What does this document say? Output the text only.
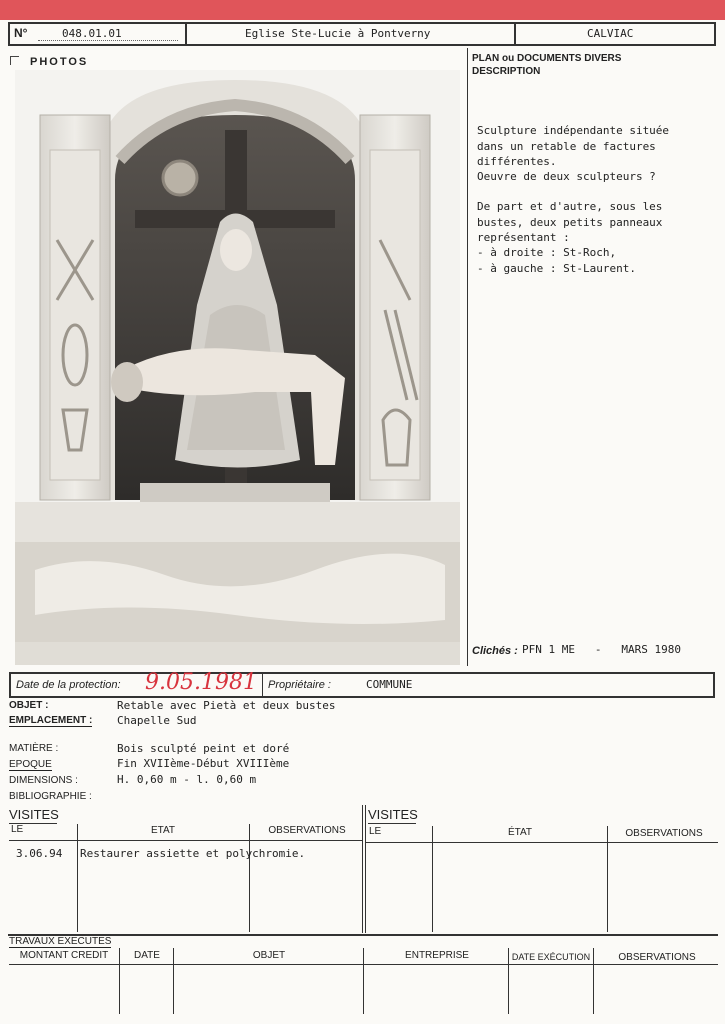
N°	048.01.01	Eglise Ste-Lucie à Pontverny	CALVIAC
PHOTOS	PLAN ou DOCUMENTS DIVERS
DESCRIPTION

Sculpture indépendante située
dans un retable de factures
différentes.
Oeuvre de deux sculpteurs ?
De part et d'autre, sous les
bustes, deux petits panneaux
représentant :
- à droite : St-Roch,
- à gauche : St-Laurent.

Clichés : PFN 1 ME   -   MARS 1980
Date de la protection: 9.05.1981 Propriétaire :	COMMUNE
OBJET :	Retable avec Pietà et deux bustes
EMPLACEMENT : Chapelle Sud
MATIÈRE :	Bois sculpté peint et doré
EPOQUE	Fin XVIIème-Début XVIIIème
DIMENSIONS :	H. 0,60 m - l. 0,60 m
BIBLIOGRAPHIE :
VISITES
LE	ETAT	OBSERVATIONS
3.06.94 Restaurer assiette et polychromie.
VISITES
LE	ÉTAT	OBSERVATIONS
TRAVAUX EXECUTES
MONTANT CREDIT	DATE	OBJET	ENTREPRISE	DATE EXÉCUTION	OBSERVATIONS
